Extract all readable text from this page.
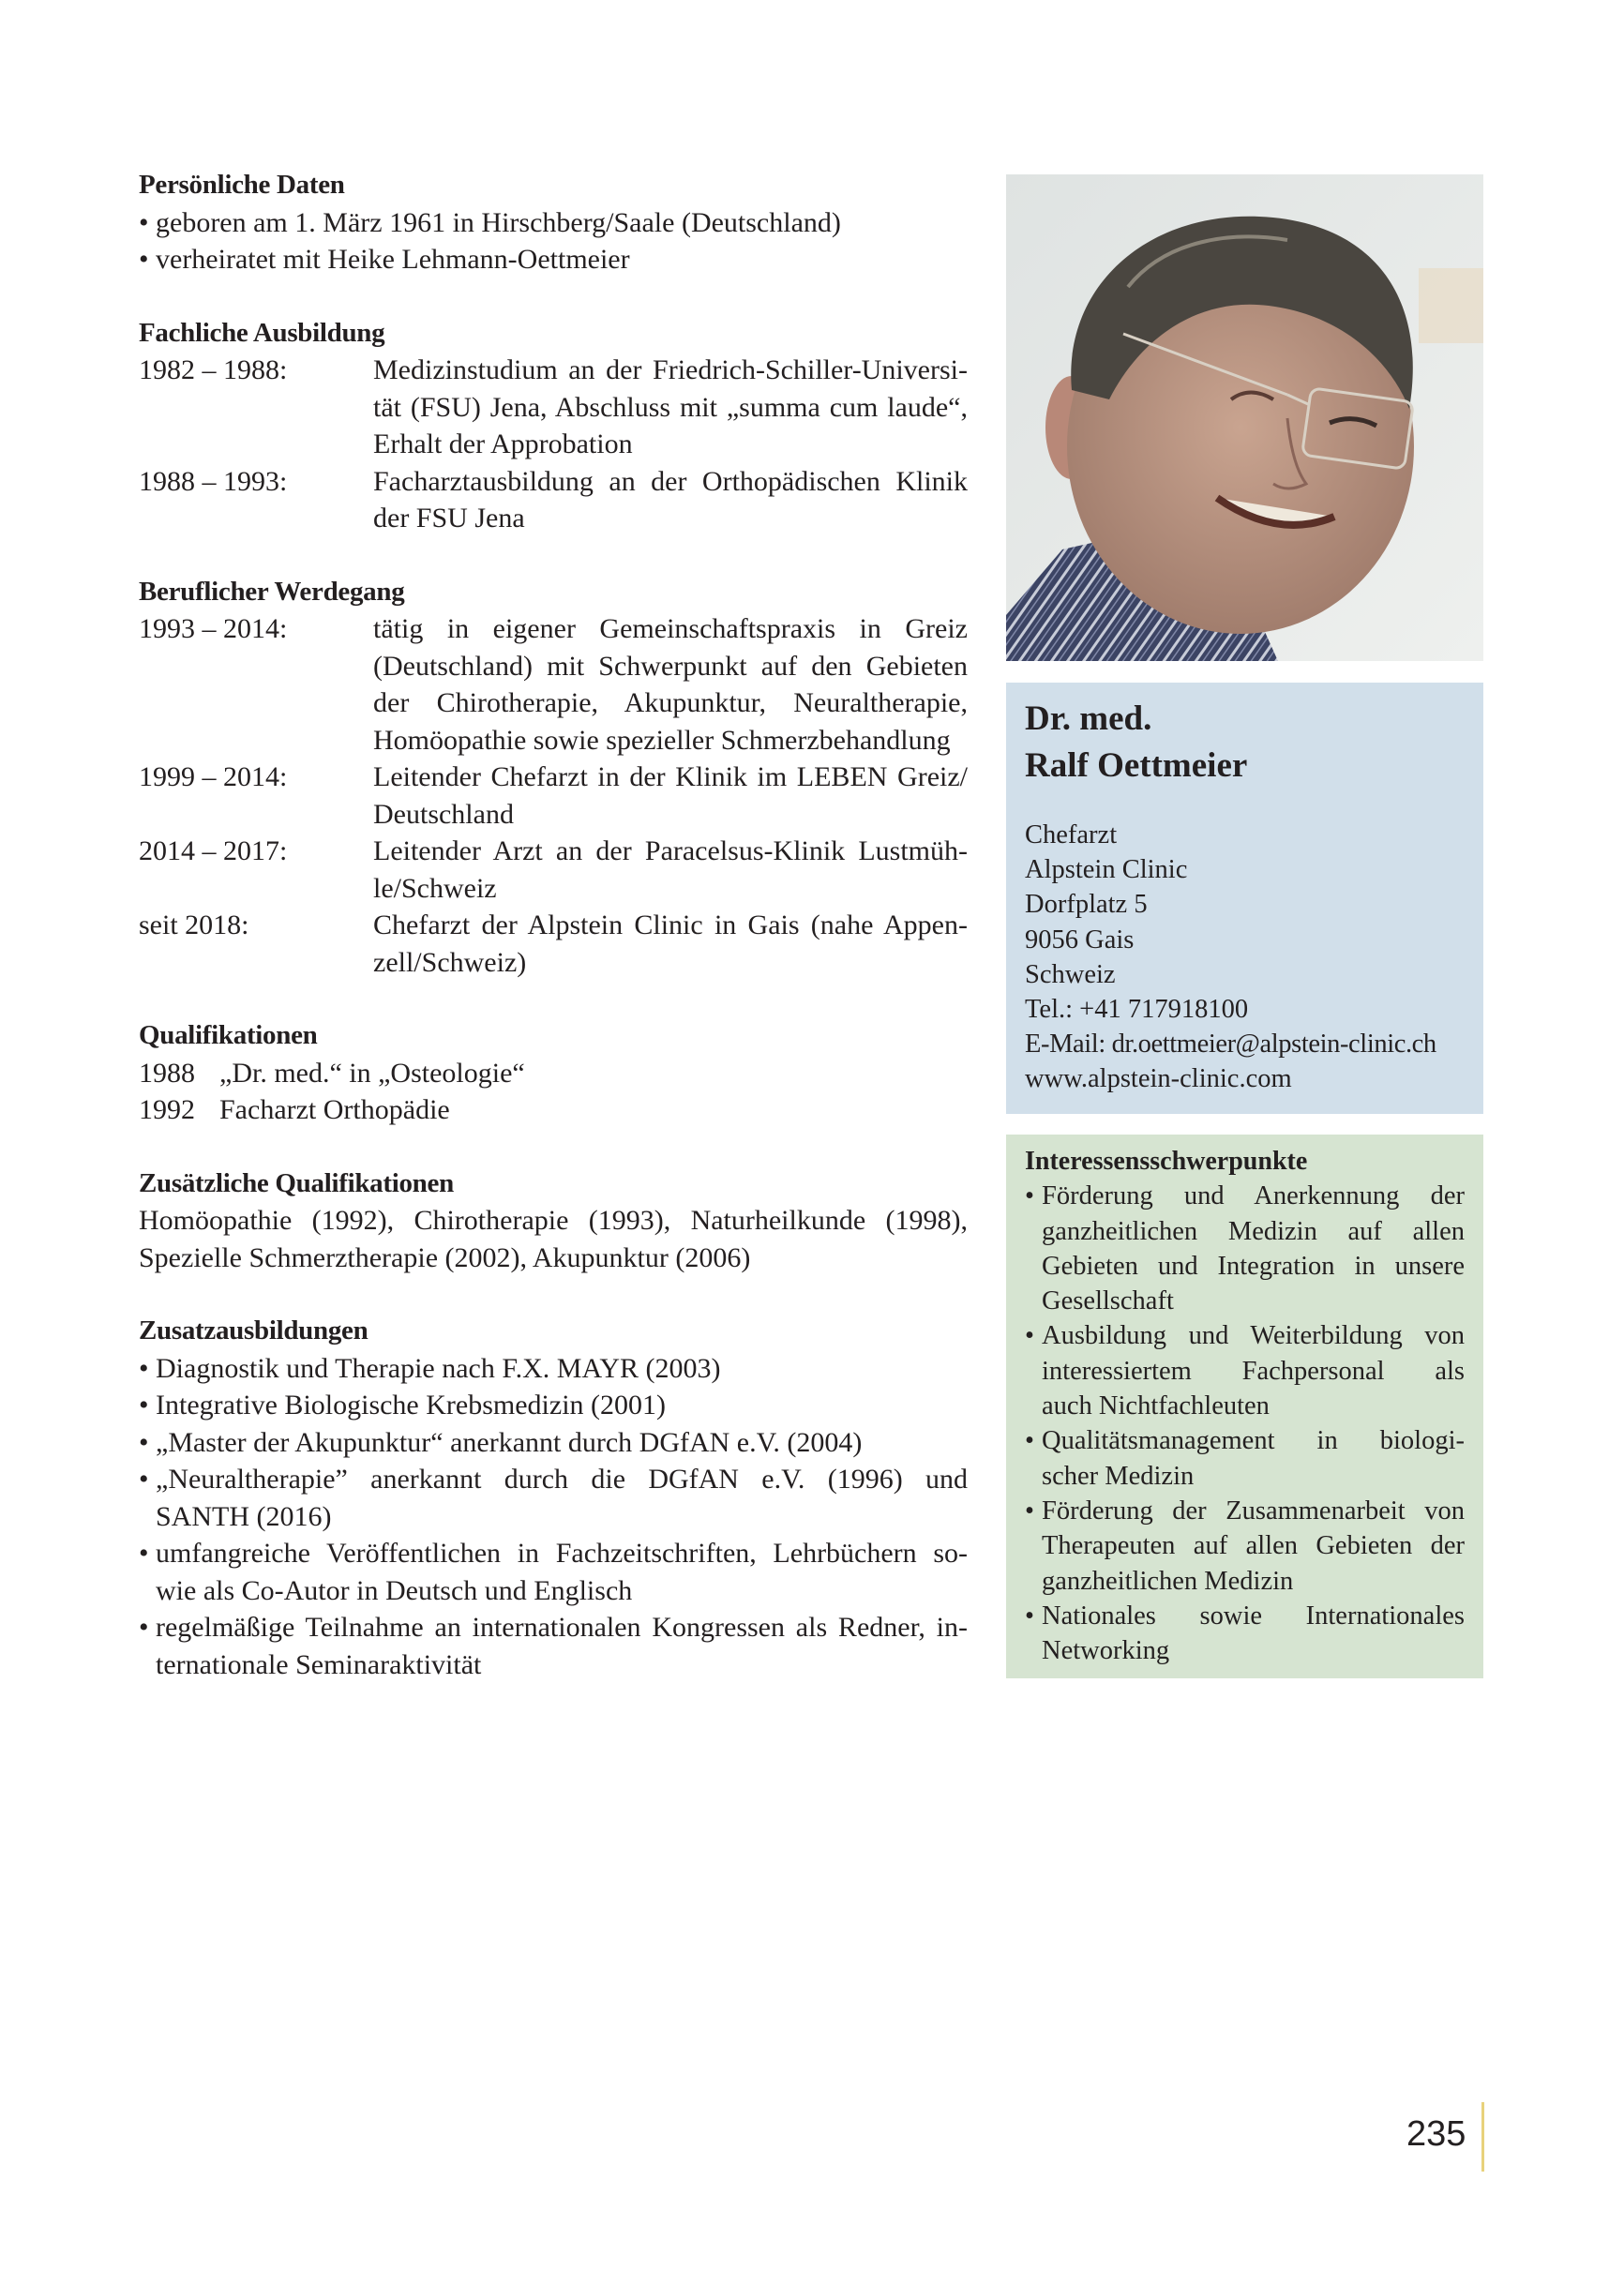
Persönliche Daten
• geboren am 1. März 1961 in Hirschberg/Saale (Deutschland)
• verheiratet mit Heike Lehmann-Oettmeier
Fachliche Ausbildung
1982 – 1988:	Medizinstudium an der Friedrich-Schiller-Universi-
tät (FSU) Jena, Abschluss mit „summa cum laude“,
Erhalt der Approbation
1988 – 1993:	Facharztausbildung an der Orthopädischen Klinik
der FSU Jena
Beruflicher Werdegang
1993 – 2014:	tätig in eigener Gemeinschaftspraxis in Greiz
(Deutschland) mit Schwerpunkt auf den Gebieten
der Chirotherapie, Akupunktur, Neuraltherapie,
Homöopathie sowie spezieller Schmerzbehandlung
1999 – 2014:	Leitender Chefarzt in der Klinik im LEBEN Greiz/
Deutschland
2014 – 2017:	Leitender Arzt an der Paracelsus-Klinik Lustmüh-
le/Schweiz
seit 2018:	Chefarzt der Alpstein Clinic in Gais (nahe Appen-
zell/Schweiz)
Qualifikationen
1988 „Dr. med.“ in „Osteologie“
1992 Facharzt Orthopädie
Zusätzliche Qualifikationen
Homöopathie (1992), Chirotherapie (1993), Naturheilkunde (1998),
Spezielle Schmerztherapie (2002), Akupunktur (2006)
Zusatzausbildungen
• Diagnostik und Therapie nach F.X. MAYR (2003)
• Integrative Biologische Krebsmedizin (2001)
• „Master der Akupunktur“ anerkannt durch DGfAN e.V. (2004)
• „Neuraltherapie” anerkannt durch die DGfAN e.V. (1996) und
SANTH (2016)
• umfangreiche Veröffentlichen in Fachzeitschriften, Lehrbüchern so-
wie als Co-Autor in Deutsch und Englisch
• regelmäßige Teilnahme an internationalen Kongressen als Redner, in-
ternationale Seminaraktivität
Dr. med.
Ralf Oettmeier
Chefarzt
Alpstein Clinic
Dorfplatz 5
9056 Gais
Schweiz
Tel.: +41 717918100
E-Mail: dr.oettmeier@alpstein-clinic.ch
www.alpstein-clinic.com
Interessensschwerpunkte
• Förderung und Anerkennung der
ganzheitlichen Medizin auf allen
Gebieten und Integration in unsere
Gesellschaft
• Ausbildung und Weiterbildung von
interessiertem Fachpersonal als
auch Nichtfachleuten
• Qualitätsmanagement in biologi-
scher Medizin
• Förderung der Zusammenarbeit von
Therapeuten auf allen Gebieten der
ganzheitlichen Medizin
• Nationales sowie Internationales
Networking
235
